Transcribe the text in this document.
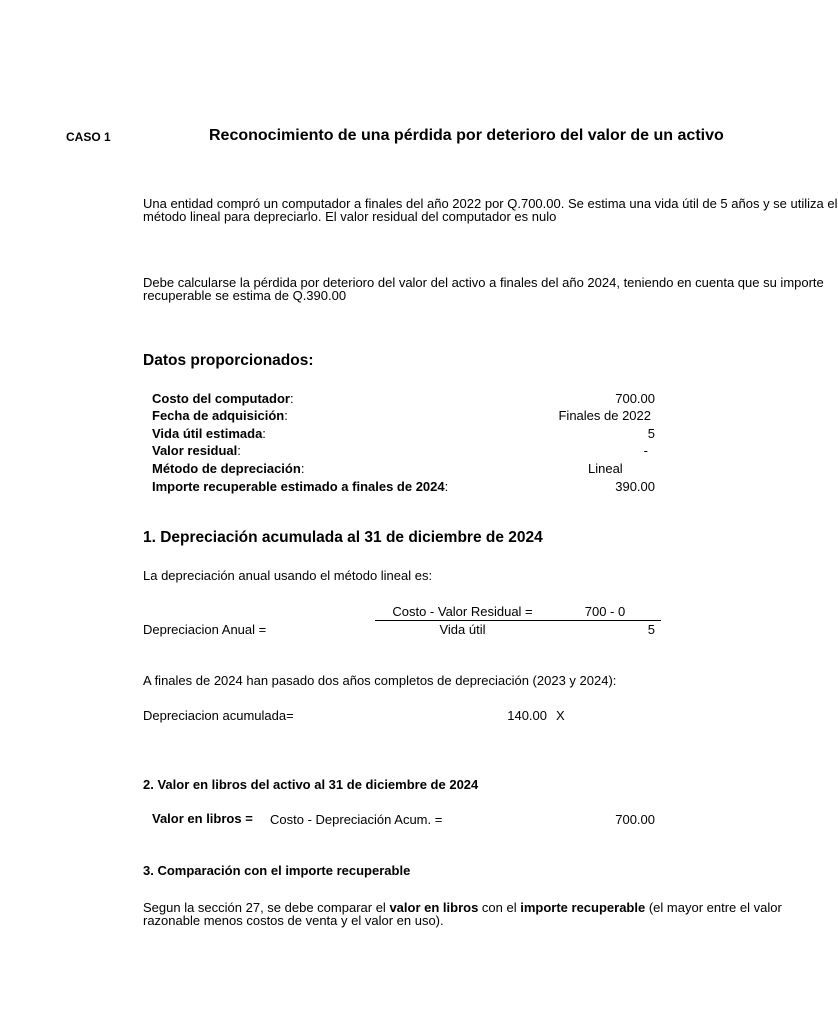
CASO 1	Reconocimiento de una pérdida por deterioro del valor de un activo
Una entidad compró un computador a finales del año 2022 por Q.700.00. Se estima una vida útil de 5 años y se utiliza el
método lineal para depreciarlo. El valor residual del computador es nulo
Debe calcularse la pérdida por deterioro del valor del activo a finales del año 2024, teniendo en cuenta que su importe
recuperable se estima de Q.390.00
Datos proporcionados:
Costo del computador:	700.00
Fecha de adquisición:	Finales de 2022
Vida útil estimada:	5
Valor residual:	-
Método de depreciación:	Lineal
Importe recuperable estimado a finales de 2024:	390.00
1. Depreciación acumulada al 31 de diciembre de 2024
La depreciación anual usando el método lineal es:
Costo - Valor Residual =	700 - 0
Depreciacion Anual =	Vida útil	5
A finales de 2024 han pasado dos años completos de depreciación (2023 y 2024):
Depreciacion acumulada=	140.00 X
2. Valor en libros del activo al 31 de diciembre de 2024
Valor en libros = Costo - Depreciación Acum. =	700.00
3. Comparación con el importe recuperable
Segun la sección 27, se debe comparar el valor en libros con el importe recuperable (el mayor entre el valor
razonable menos costos de venta y el valor en uso).
